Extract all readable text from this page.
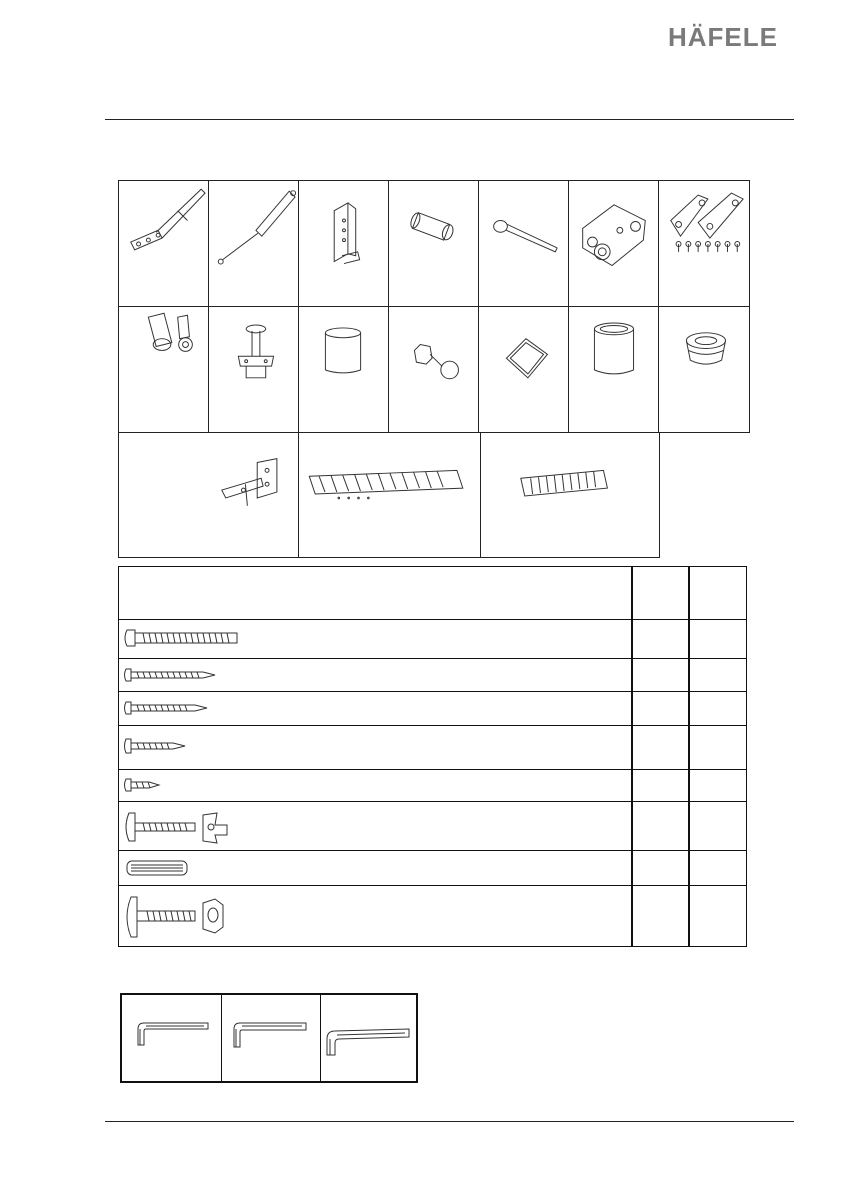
HÄFELE
